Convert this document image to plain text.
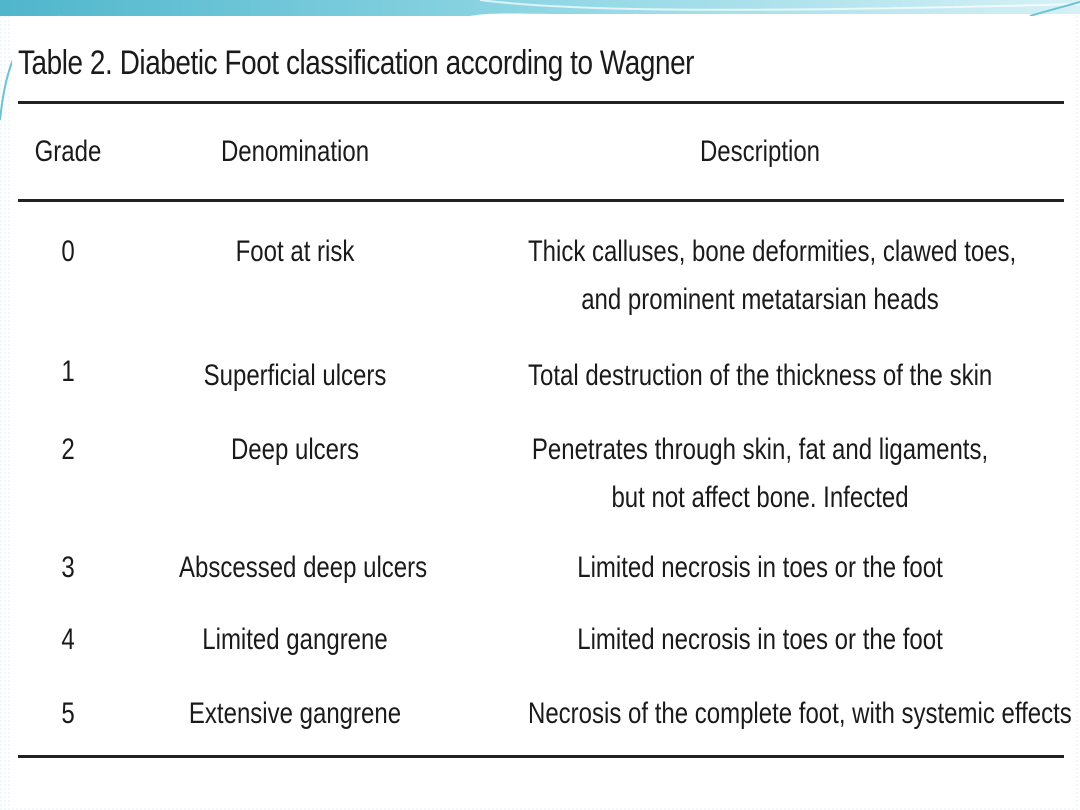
Table 2. Diabetic Foot classification according to Wagner
Grade	Denomination	Description
0	Foot at risk	Thick calluses, bone deformities, clawed toes,
and prominent metatarsian heads
1	Superficial ulcers	Total destruction of the thickness of the skin
2	Deep ulcers	Penetrates through skin, fat and ligaments,
but not affect bone. Infected
3	Abscessed deep ulcers	Limited necrosis in toes or the foot
4	Limited gangrene	Limited necrosis in toes or the foot
5	Extensive gangrene	Necrosis of the complete foot, with systemic effects
